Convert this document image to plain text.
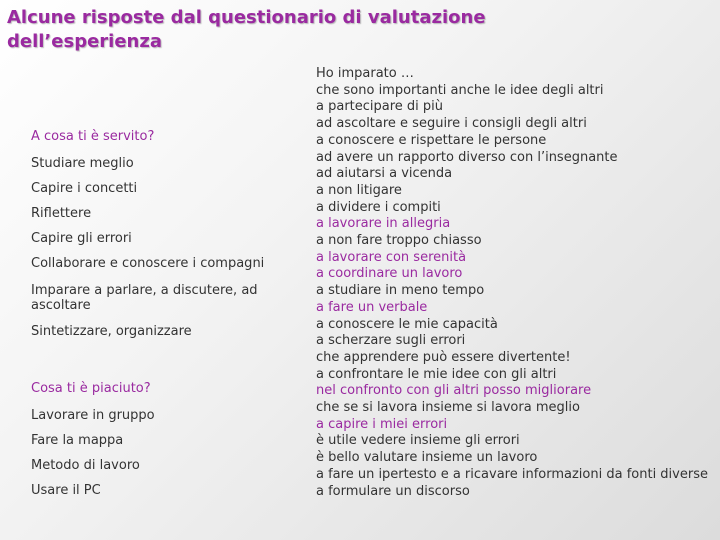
Alcune risposte dal questionario di valutazione
dell’esperienza
A cosa ti è servito?
Studiare meglio
Capire i concetti
Riflettere
Capire gli errori
Collaborare e conoscere i compagni
Imparare a parlare, a discutere, ad ascoltare
Sintetizzare, organizzare
Cosa ti è piaciuto?
Lavorare in gruppo
Fare la mappa
Metodo di lavoro
Usare il PC
Ho imparato …
che sono importanti anche le idee degli altri
a partecipare di più
ad ascoltare e seguire i consigli degli altri
a conoscere e rispettare le persone
ad avere un rapporto diverso con l’insegnante
ad aiutarsi a vicenda
a non litigare
a dividere i compiti
a lavorare in allegria
a non fare troppo chiasso
a lavorare con serenità
a coordinare un lavoro
a studiare in meno tempo
a fare un verbale
a conoscere le mie capacità
a scherzare sugli errori
che apprendere può essere divertente!
a confrontare le mie idee con gli altri
nel confronto con gli altri posso migliorare
che se si lavora insieme si lavora meglio
a capire i miei errori
è utile vedere insieme gli errori
è bello valutare insieme un lavoro
a fare un ipertesto e a ricavare informazioni da fonti diverse
a formulare un discorso
